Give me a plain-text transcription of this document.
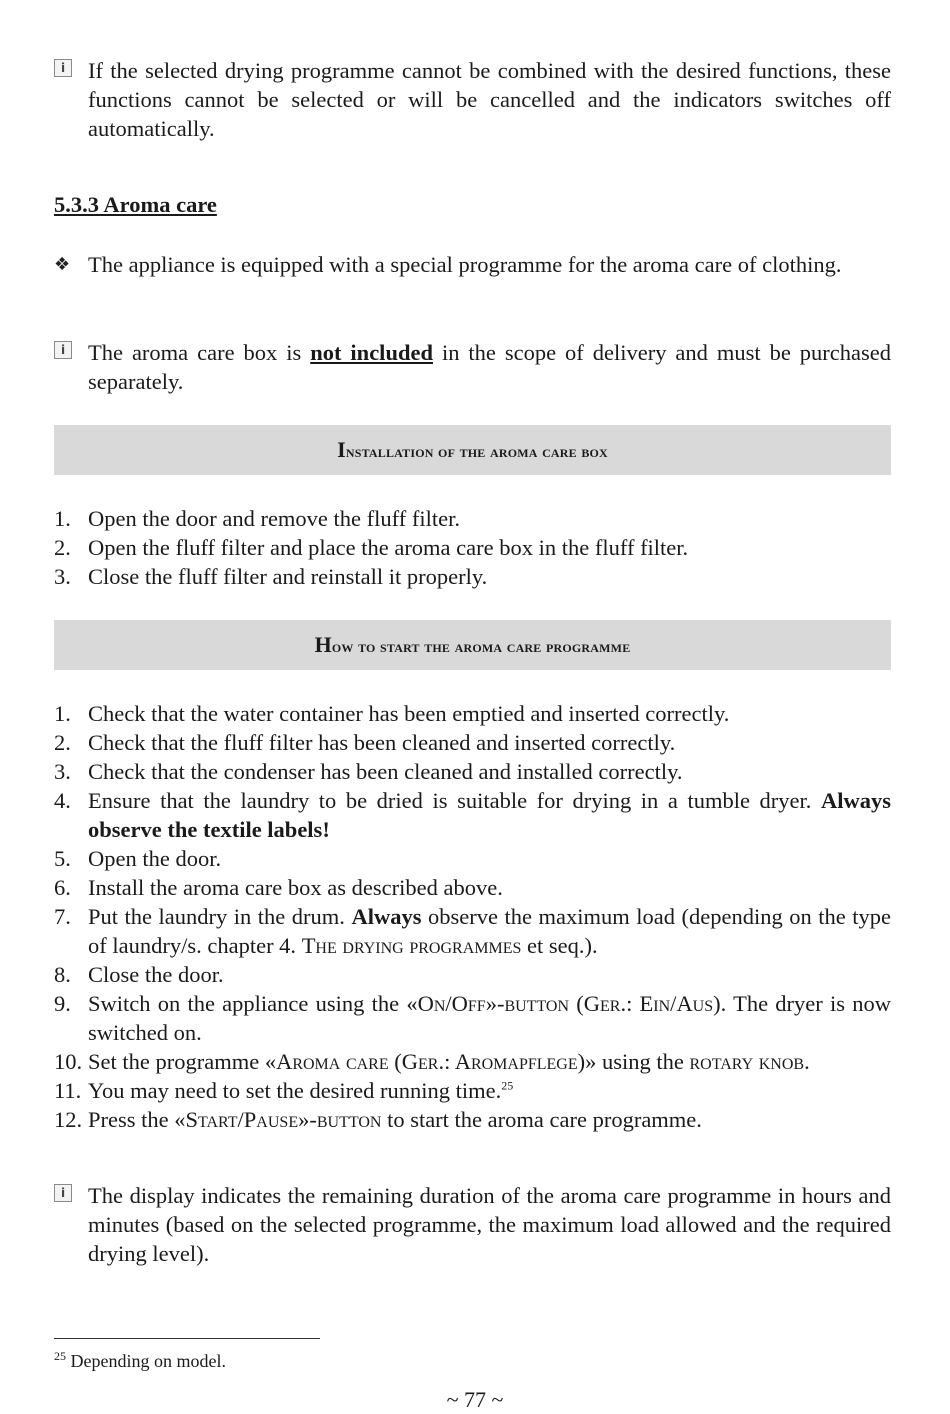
i	If the selected drying programme cannot be combined with the desired functions, these functions cannot be selected or will be cancelled and the indicators switches off automatically.
5.3.3 Aroma care
❖ The appliance is equipped with a special programme for the aroma care of clothing.
i	The aroma care box is not included in the scope of delivery and must be purchased separately.
Installation of the aroma care box
1. Open the door and remove the fluff filter.
2. Open the fluff filter and place the aroma care box in the fluff filter.
3. Close the fluff filter and reinstall it properly.
How to start the aroma care programme
1. Check that the water container has been emptied and inserted correctly.
2. Check that the fluff filter has been cleaned and inserted correctly.
3. Check that the condenser has been cleaned and installed correctly.
4. Ensure that the laundry to be dried is suitable for drying in a tumble dryer. Always observe the textile labels!
5. Open the door.
6. Install the aroma care box as described above.
7. Put the laundry in the drum. Always observe the maximum load (depending on the type of laundry/s. chapter 4. The drying programmes et seq.).
8. Close the door.
9. Switch on the appliance using the «On/Off»-button (Ger.: Ein/Aus). The dryer is now switched on.
10. Set the programme «Aroma care (Ger.: Aromapflege)» using the rotary knob.
11. You may need to set the desired running time.$^{25}$
12. Press the «Start/Pause»-button to start the aroma care programme.
i	The display indicates the remaining duration of the aroma care programme in hours and minutes (based on the selected programme, the maximum load allowed and the required drying level).
$^{25}$ Depending on model.
~ 77 ~
